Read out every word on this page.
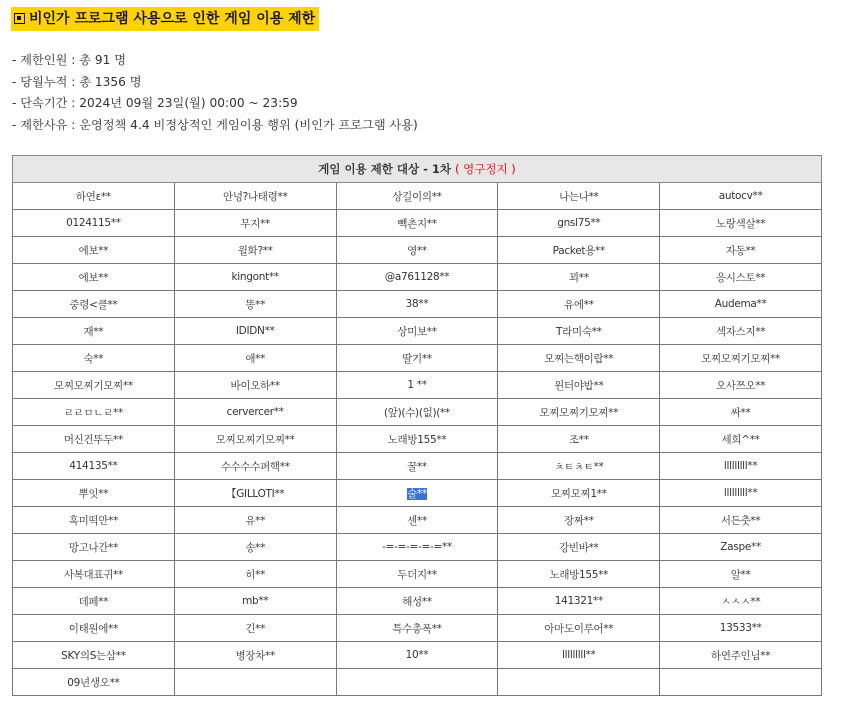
비인가 프로그램 사용으로 인한 게임 이용 제한
- 제한인원 : 총 91 명
- 당월누적 : 총 1356 명
- 단속기간 : 2024년 09월 23일(월) 00:00 ~ 23:59
- 제한사유 : 운영정책 4.4 비정상적인 게임이용 행위 (비인가 프로그램 사용)
게임 이용 제한 대상 - 1차 ( 영구정지 )				
하연ε**	안녕?나태령**	상길이의**	나는나**	autocv**
0124115**	무지**	빽촌지**	gnsl75**	노랑색살**
에보**	윌화?**	영**	Packet용**	자동**
에보**	kingont**	@a761128**	꾀**	응시스토**
중령<클**	똥**	38**	유에**	Audema**
재**	IDIDN**	상미보**	T라미숙**	섹자스지**
숙**	애**	딸기**	모찌는핵이랍**	모찌모찌기모찌**
모찌모찌기모찌**	바이오하**	1 **	윈터야밥**	오사쯔오**
ㄹㄹㅁㄴㄹ**	cervercer**	(앞)(수)(없)(**	모찌모찌기모찌**	싸**
머신건뚜두**	모찌모찌기모찌**	노래방155**	조**	세희^**
414135**	수수수수퍼핵**	꿀**	ㅊㅌㅊㅌ**	lllllllll**
뿌잇**	【GILLOTI**	술**	모찌모찌1**	lllllllll**
흑미떡만**	유**	센**	장짜**	서든춧**
망고나간**	송**	-=-=-=-=-=**	강빈바**	Zaspe**
사복대표귀**	히**	두더지**	노래방155**	알**
데페**	mb**	해성**	141321**	ㅅㅅㅅ**
이태원에**	긴**	특수총폭**	아마도이루어**	13533**
SKY의S는삼**	병장차**	10**	lllllllll**	하연주인님**
09년생오**				
